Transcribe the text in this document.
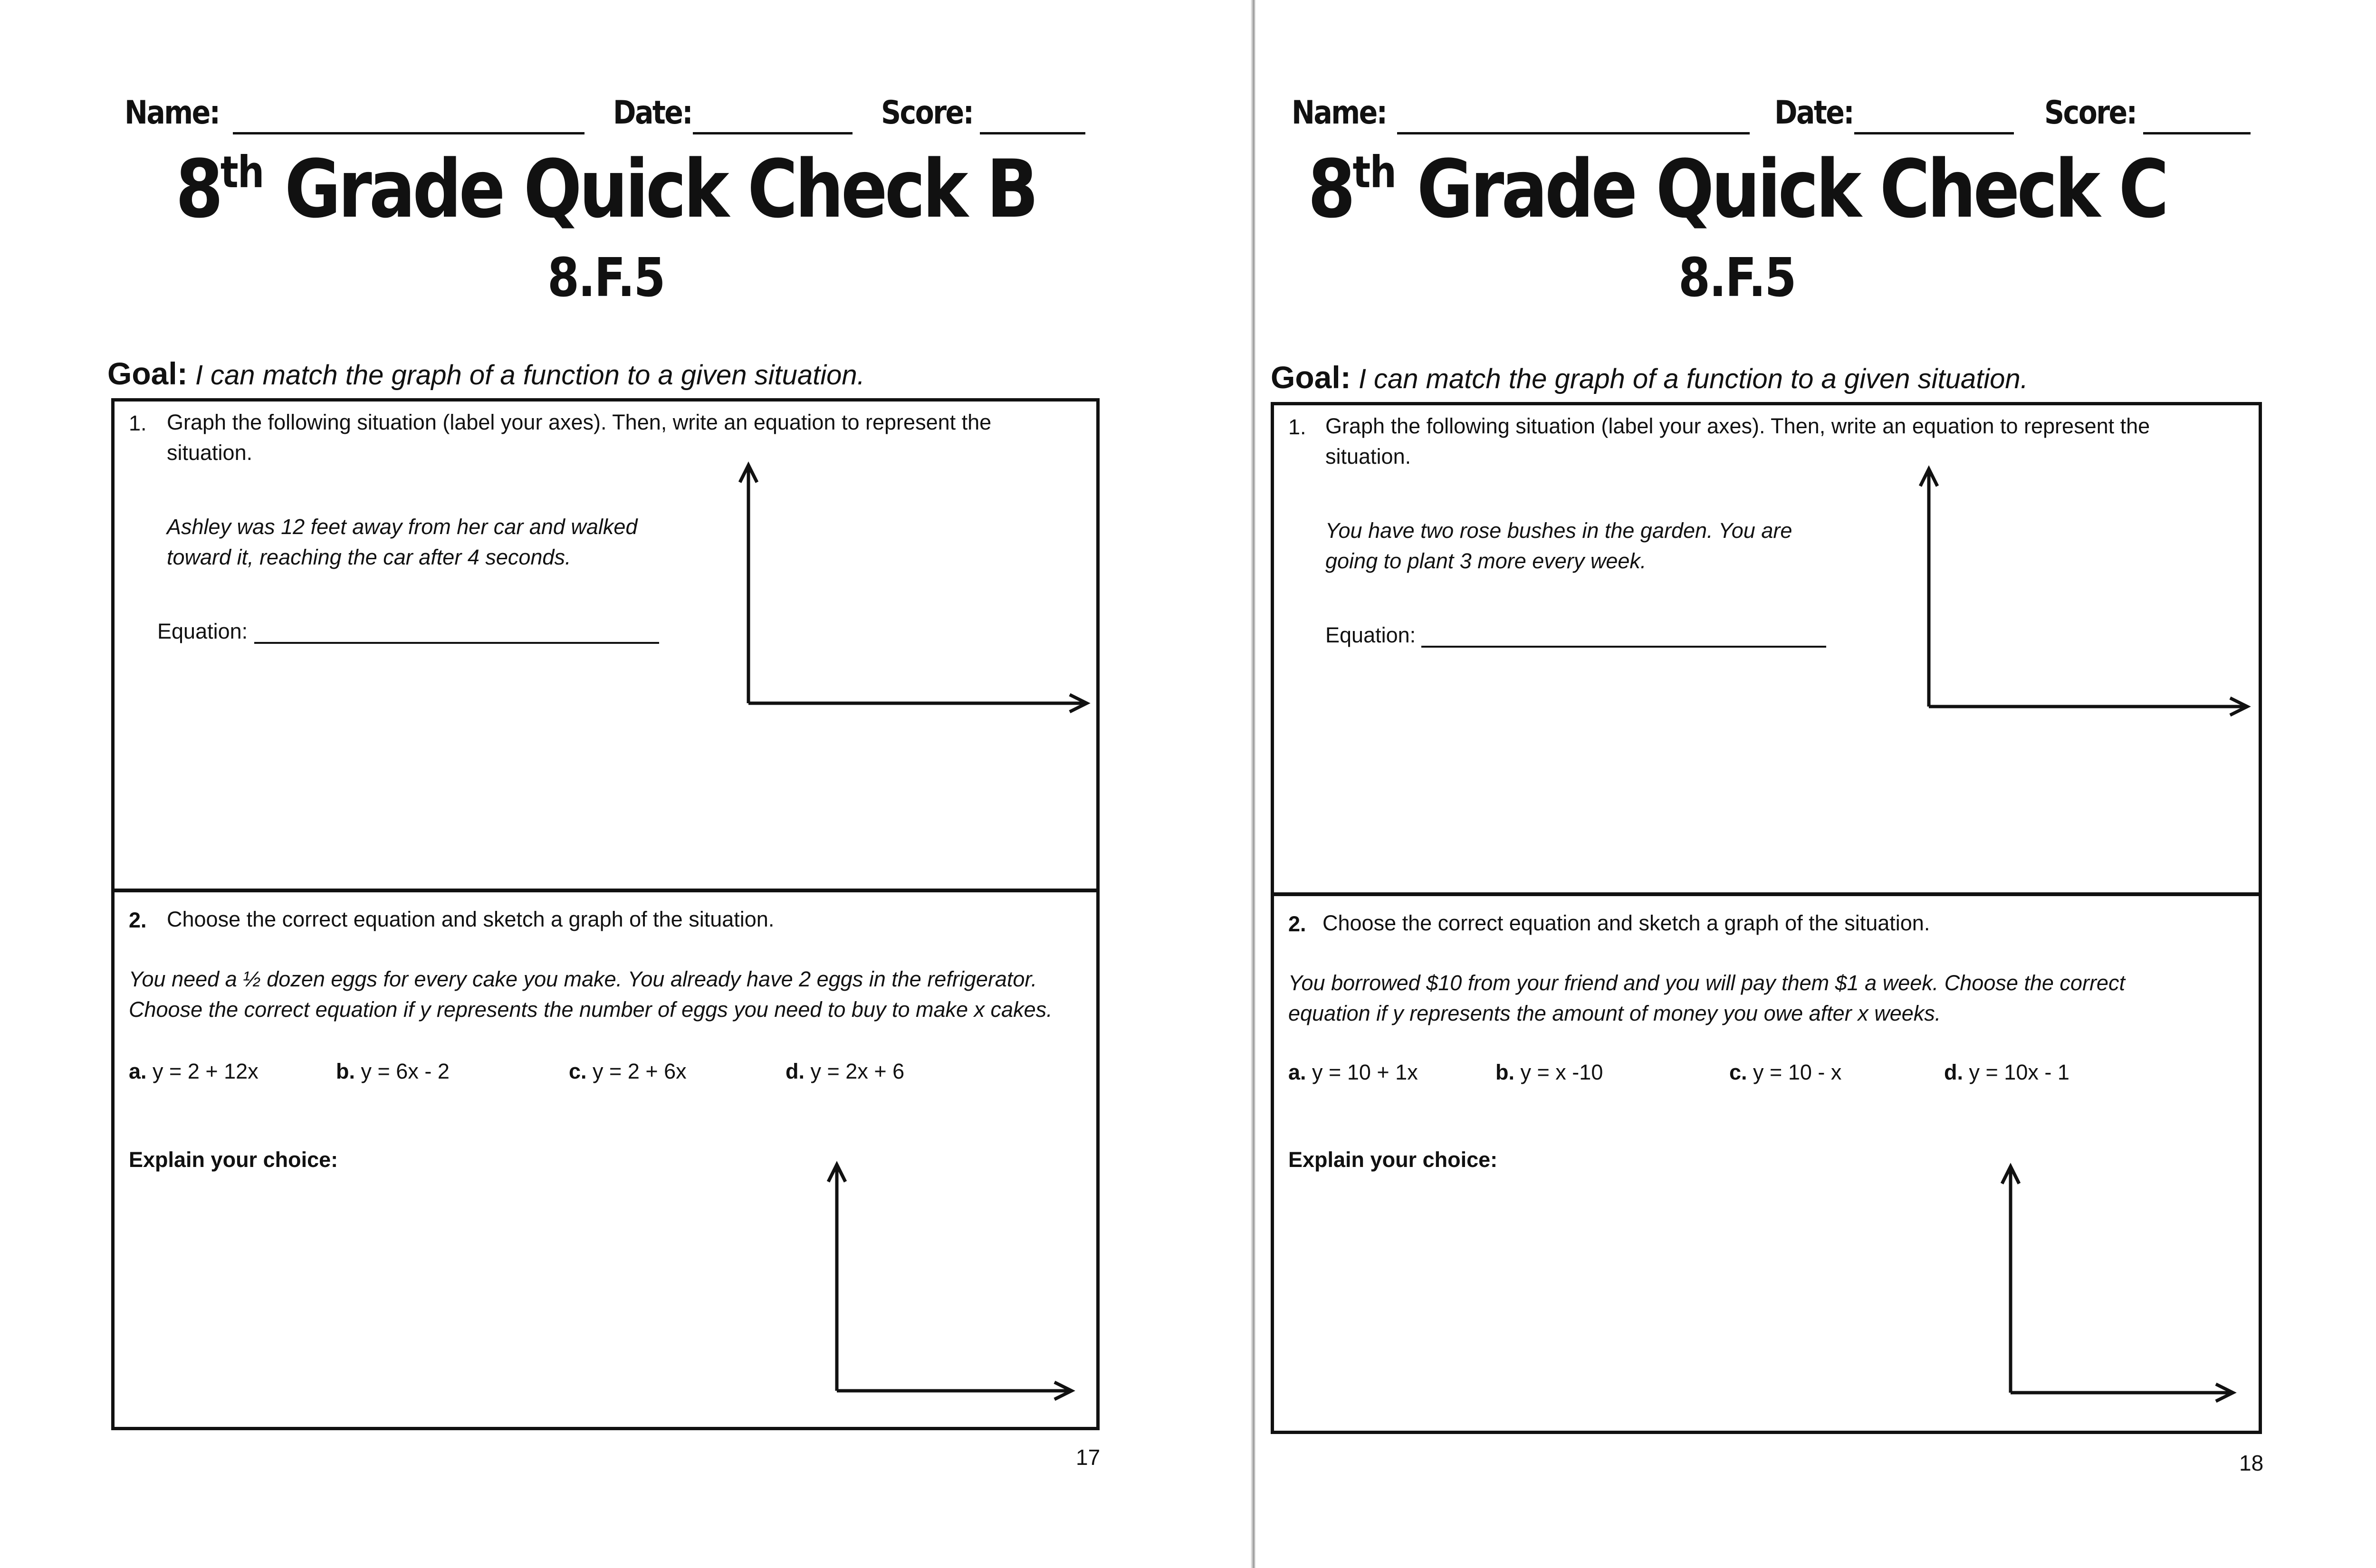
Name:	Date:	Score:
8th Grade Quick Check B
8.F.5
Goal: I can match the graph of a function to a given situation.
1. Graph the following situation (label your axes). Then, write an equation to represent the
situation.
Ashley was 12 feet away from her car and walked
toward it, reaching the car after 4 seconds.
Equation:
2. Choose the correct equation and sketch a graph of the situation.
You need a ½ dozen eggs for every cake you make. You already have 2 eggs in the refrigerator.
Choose the correct equation if y represents the number of eggs you need to buy to make x cakes.
a. y = 2 + 12x	b. y = 6x - 2	c. y = 2 + 6x	d. y = 2x + 6
Explain your choice:
17
Name:	Date:	Score:
8th Grade Quick Check C
8.F.5
Goal: I can match the graph of a function to a given situation.
1. Graph the following situation (label your axes). Then, write an equation to represent the
situation.
You have two rose bushes in the garden. You are
going to plant 3 more every week.
Equation:
2. Choose the correct equation and sketch a graph of the situation.
You borrowed $10 from your friend and you will pay them $1 a week. Choose the correct
equation if y represents the amount of money you owe after x weeks.
a. y = 10 + 1x	b. y = x -10	c. y = 10 - x	d. y = 10x - 1
Explain your choice:
18
